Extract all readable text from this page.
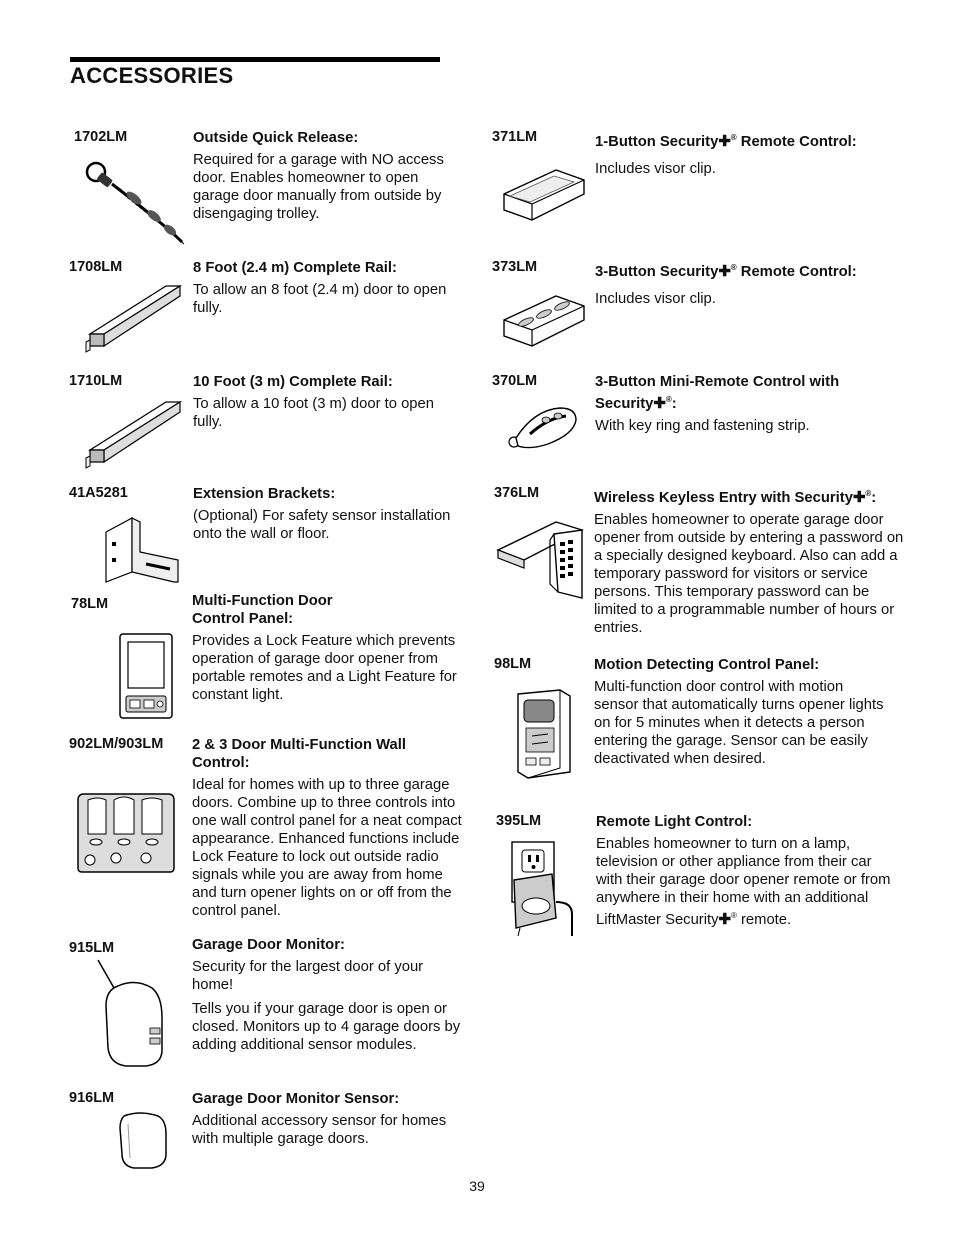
ACCESSORIES
1702LM	Outside Quick Release:

Required for a garage with NO access door. Enables homeowner to open garage door manually from outside by disengaging trolley.

1708LM	8 Foot (2.4 m) Complete Rail:

To allow an 8 foot (2.4 m) door to open fully.

1710LM	10 Foot (3 m) Complete Rail:

To allow a 10 foot (3 m) door to open fully.

41A5281	Extension Brackets:

(Optional) For safety sensor installation onto the wall or floor.

78LM	Multi-Function Door Control Panel:

Provides a Lock Feature which prevents operation of garage door opener from portable remotes and a Light Feature for constant light.

902LM/903LM 2 & 3 Door Multi-Function Wall Control:

Ideal for homes with up to three garage doors. Combine up to three controls into one wall control panel for a neat compact appearance. Enhanced functions include Lock Feature to lock out outside radio signals while you are away from home and turn opener lights on or off from the control panel.

915LM	Garage Door Monitor:

Security for the largest door of your home!

Tells you if your garage door is open or closed. Monitors up to 4 garage doors by adding additional sensor modules.

916LM	Garage Door Monitor Sensor:

Additional accessory sensor for homes with multiple garage doors.

371LM	1-Button Security✚® Remote Control:

Includes visor clip.

373LM	3-Button Security✚® Remote Control:

Includes visor clip.

370LM	3-Button Mini-Remote Control with
Security✚®:

With key ring and fastening strip.

376LM	Wireless Keyless Entry with Security✚®:

Enables homeowner to operate garage door opener from outside by entering a password on a specially designed keyboard. Also can add a temporary password for visitors or service persons. This temporary password can be limited to a programmable number of hours or entries.

98LM	Motion Detecting Control Panel:

Multi-function door control with motion sensor that automatically turns opener lights on for 5 minutes when it detects a person entering the garage. Sensor can be easily deactivated when desired.

395LM	Remote Light Control:

Enables homeowner to turn on a lamp, television or other appliance from their car with their garage door opener remote or from anywhere in their home with an additional LiftMaster Security✚® remote.

39
